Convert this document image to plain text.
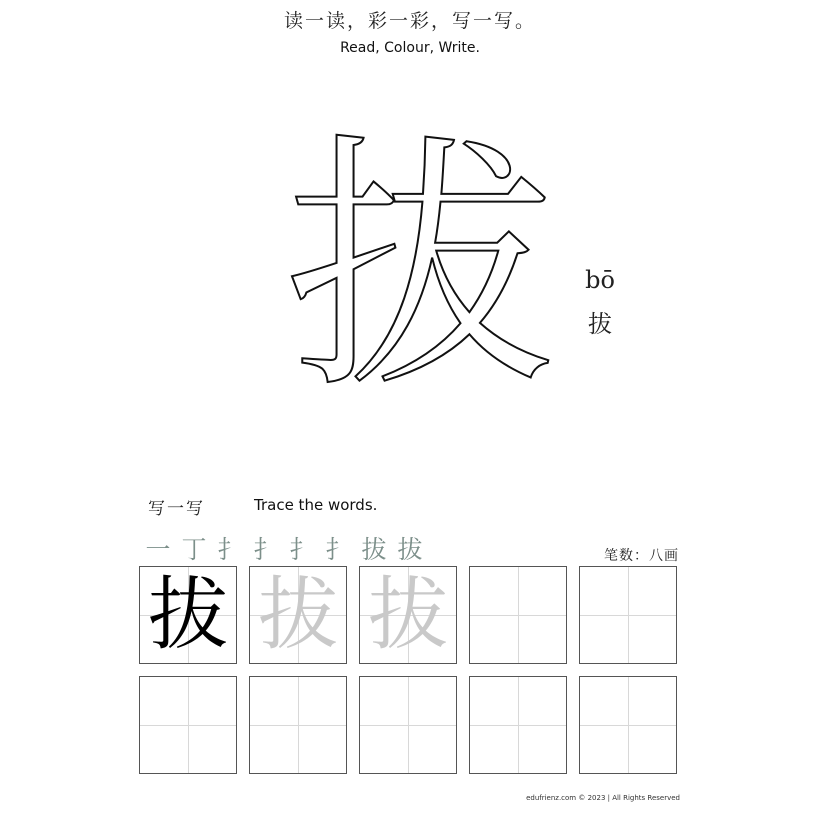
读一读，彩一彩，写一写。
Read, Colour, Write.
拔	bō
拔
写一写	Trace the words.
一 丁 扌 扌 扌 扌 拔 拔	笔数：八画
拔 拔 拔
edufrienz.com © 2023 | All Rights Reserved
